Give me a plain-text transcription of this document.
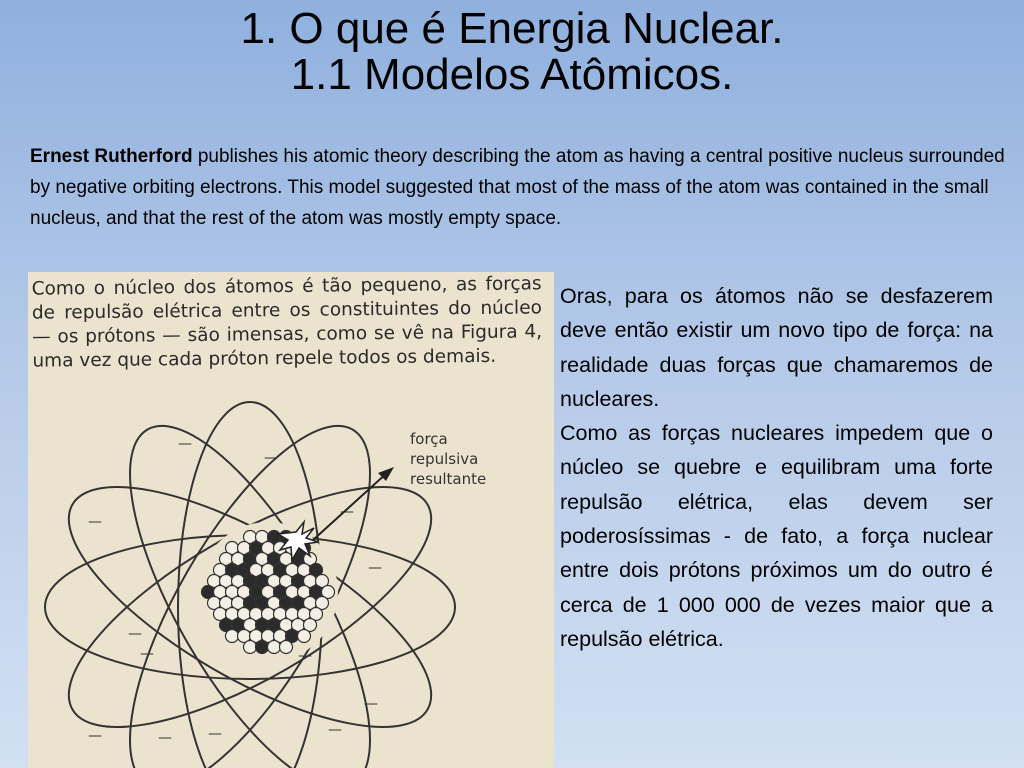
1. O que é Energia Nuclear.
1.1 Modelos Atômicos.
Ernest Rutherford publishes his atomic theory describing the atom as having a central positive nucleus surrounded by negative orbiting electrons. This model suggested that most of the mass of the atom was contained in the small nucleus, and that the rest of the atom was mostly empty space.
Como o núcleo dos átomos é tão pequeno, as forças de repulsão elétrica entre os constituintes do núcleo — os prótons — são imensas, como se vê na Figura 4, uma vez que cada próton repele todos os demais.
—
—
—
—
—
—	—
—
—	—
—
—
—
força
repulsiva
resultante

Oras, para os átomos não se desfazerem deve então existir um novo tipo de força: na realidade duas forças que chamaremos de nucleares.

Como as forças nucleares impedem que o núcleo se quebre e equilibram uma forte repulsão elétrica, elas devem ser poderosíssimas - de fato, a força nuclear entre dois prótons próximos um do outro é cerca de 1 000 000 de vezes maior que a repulsão elétrica.
